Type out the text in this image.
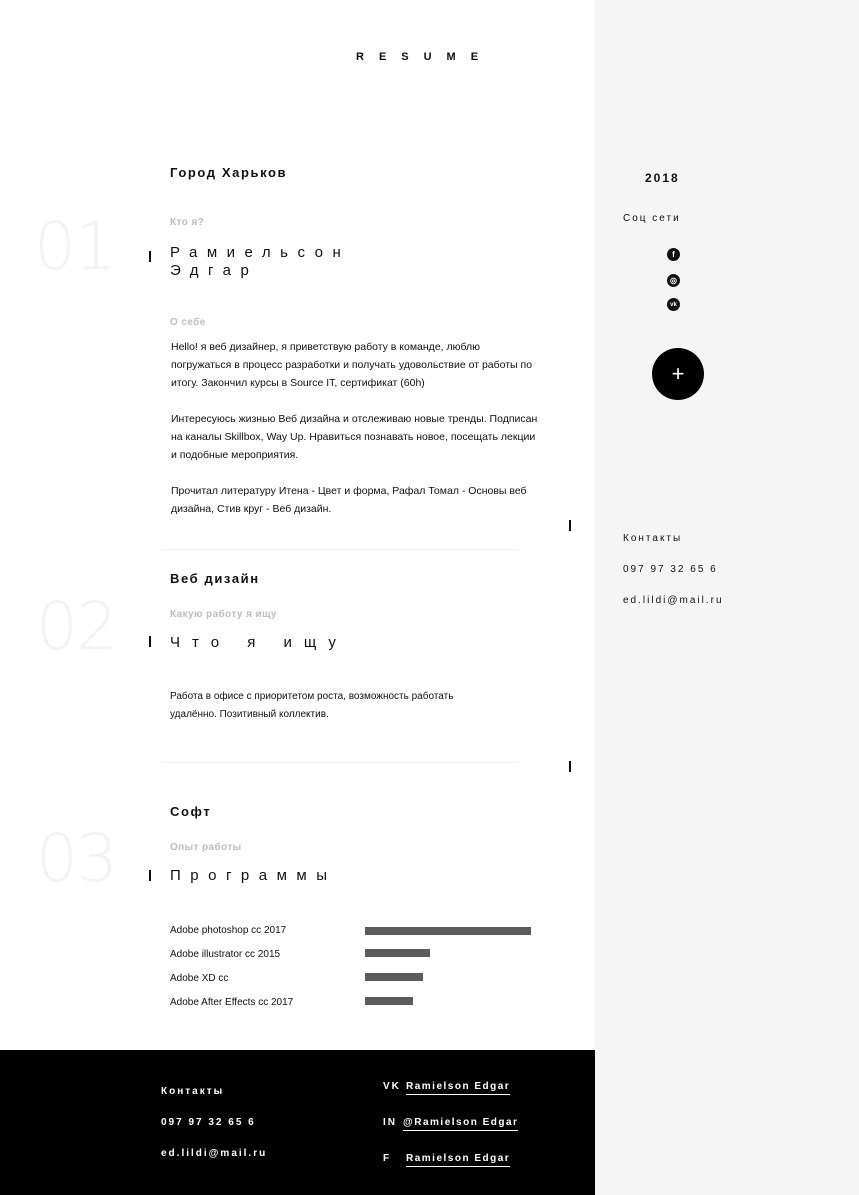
RESUME
01
Город Харьков
Кто я?
Рамиельсон
Эдгар
О себе
Hello! я веб дизайнер, я приветствую работу в команде, люблю погружаться в процесс разработки и получать удовольствие от работы по итогу. Закончил курсы в Source IT, сертификат (60h)
Интересуюсь жизнью Веб дизайна и отслеживаю новые тренды. Подписан на каналы Skillbox, Way Up. Нравиться познавать новое, посещать лекции и подобные мероприятия.
Прочитал литературу Итена - Цвет и форма, Рафал Томал - Основы веб дизайна, Стив круг - Веб дизайн.
02
Веб дизайн
Какую работу я ищу
Что я ищу
Работа в офисе с приоритетом роста, возможность работать удалённо. Позитивный коллектив.
03
Софт
Опыт работы
Программы
Adobe photoshop cc 2017
Adobe illustrator cc 2015
Adobe XD cc
Adobe After Effects cc 2017
2018
Соц сети
f
◎
vk
+
Контакты
097 97 32 65 6
ed.lildi@mail.ru
Контакты
097 97 32 65 6
ed.lildi@mail.ru
VK Ramielson Edgar
IN @Ramielson Edgar
F Ramielson Edgar
